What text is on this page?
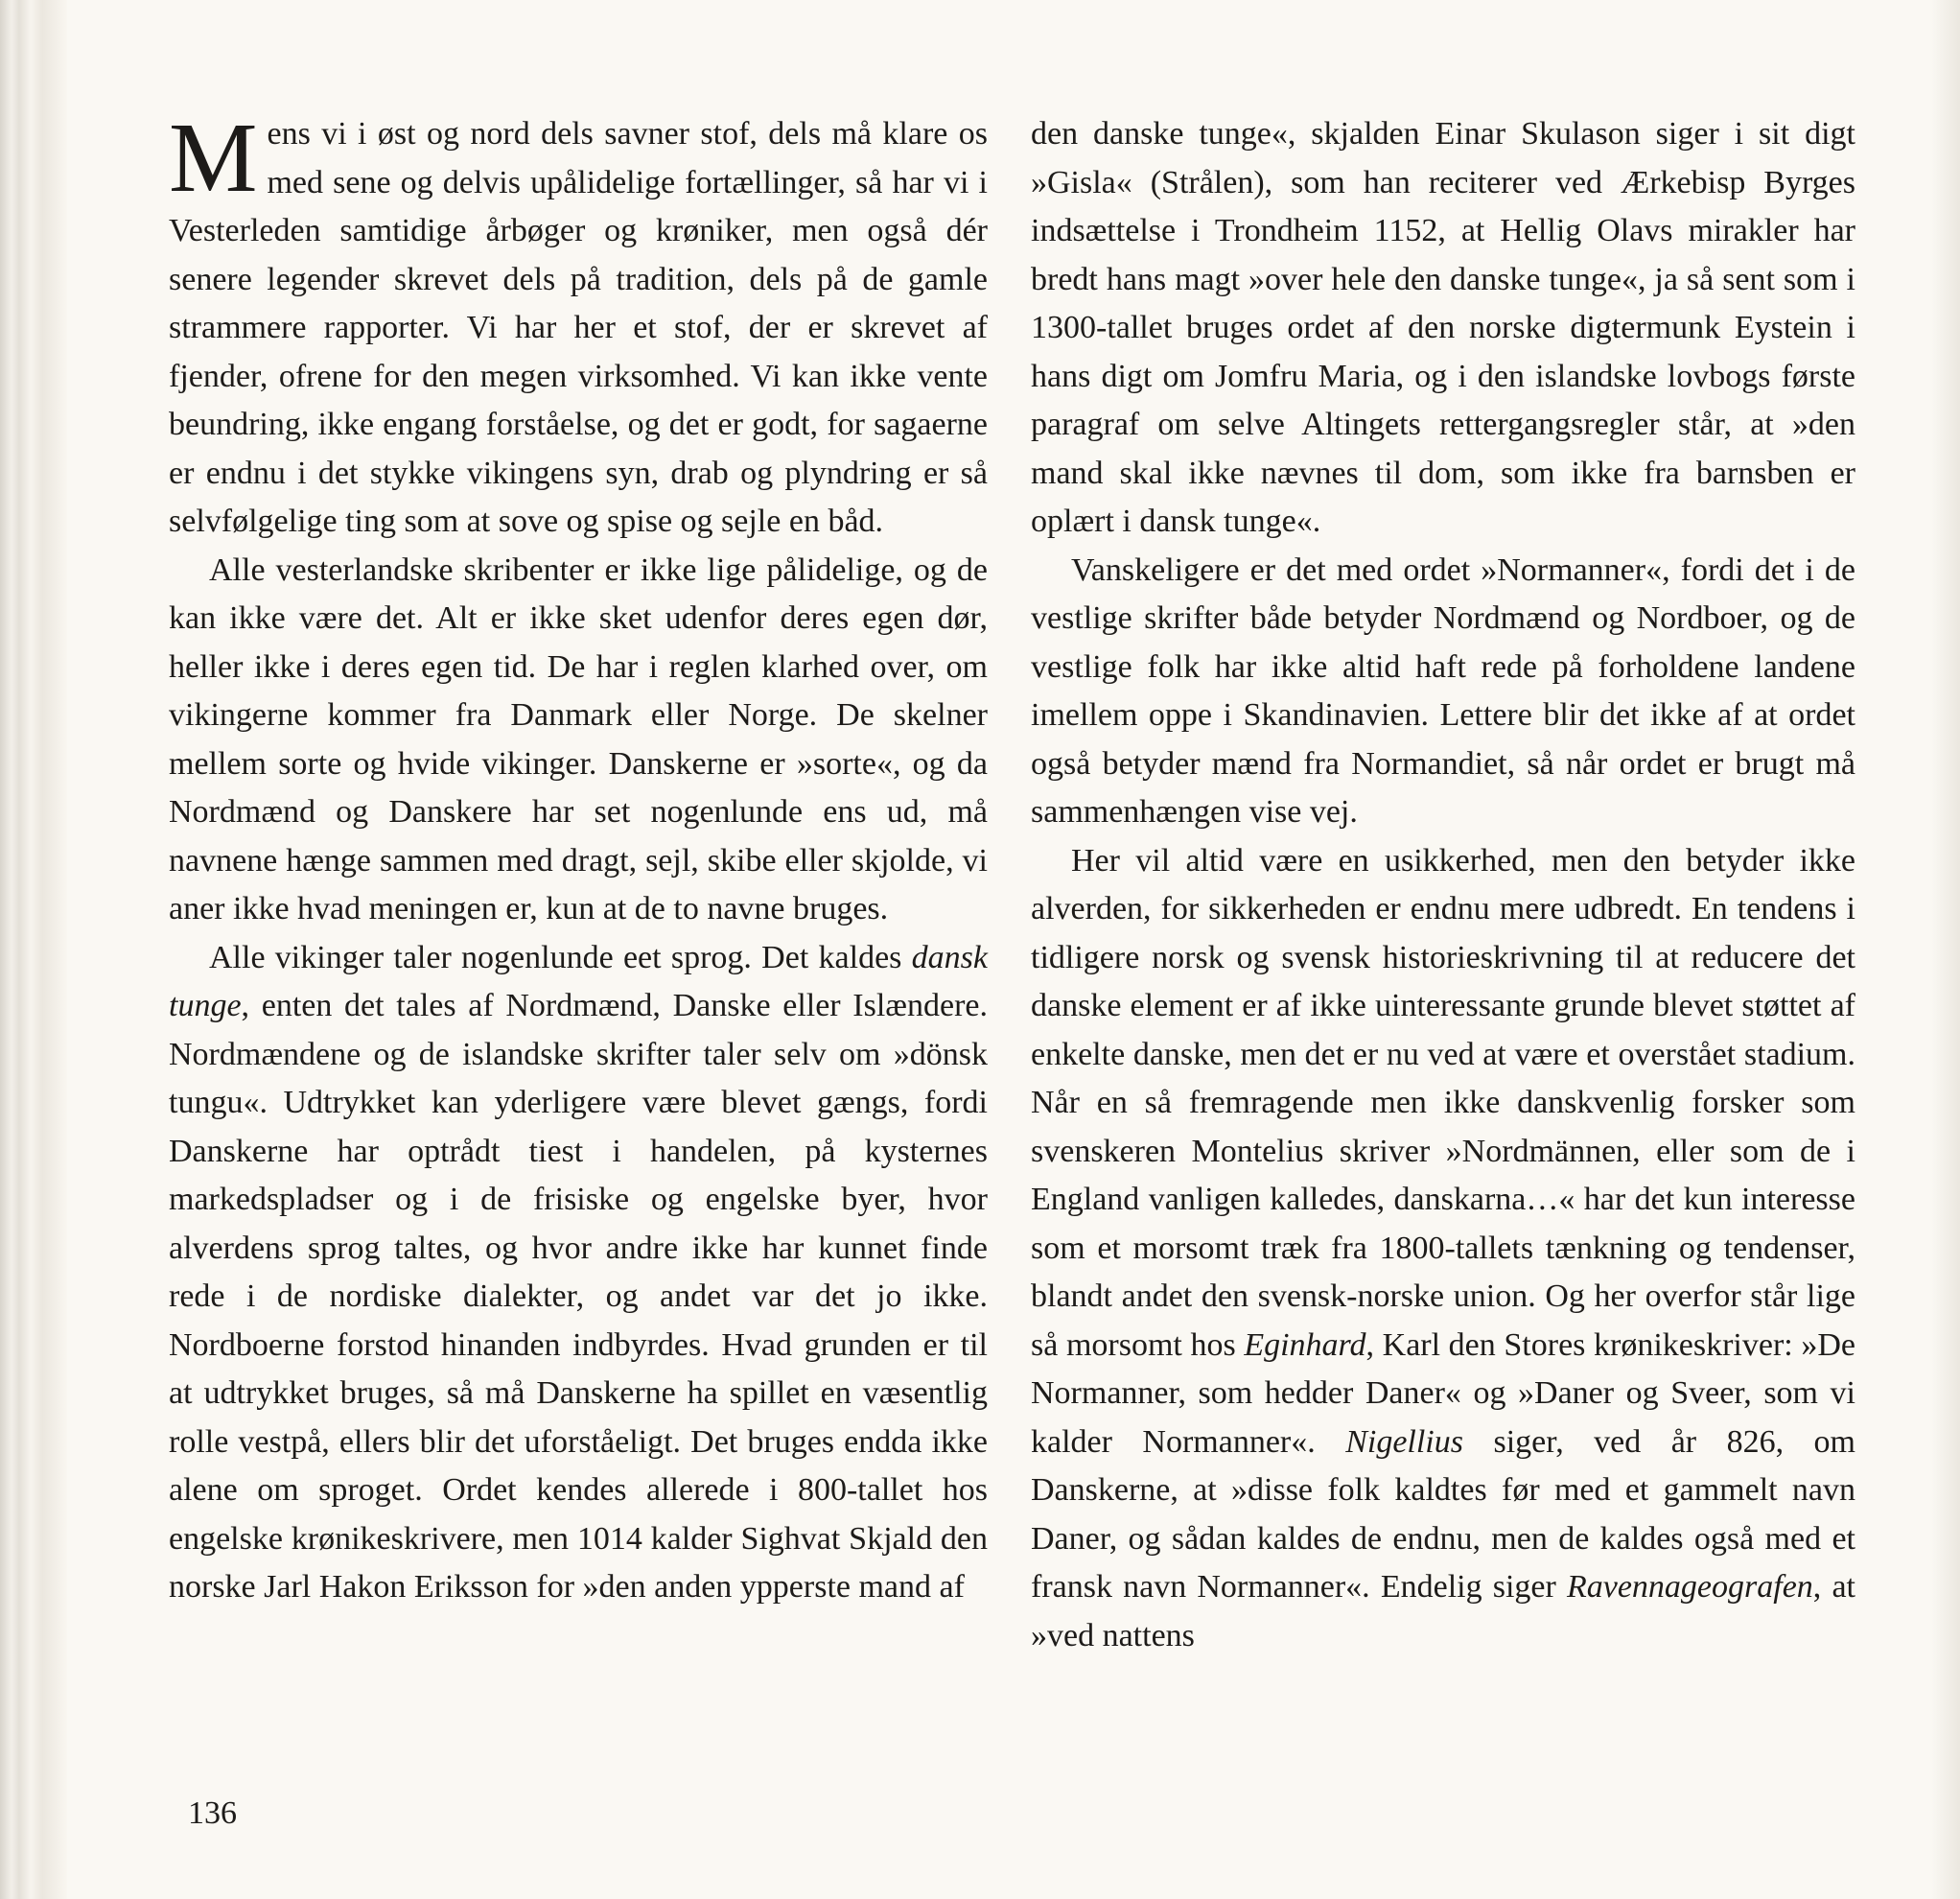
Mens vi i øst og nord dels savner stof, dels må klare os med sene og delvis upålidelige fortællinger, så har vi i Vesterleden samtidige årbøger og krøniker, men også dér senere legender skrevet dels på tradition, dels på de gamle strammere rapporter. Vi har her et stof, der er skrevet af fjender, ofrene for den megen virksomhed. Vi kan ikke vente beundring, ikke engang forståelse, og det er godt, for sagaerne er endnu i det stykke vikingens syn, drab og plyndring er så selvfølgelige ting som at sove og spise og sejle en båd.

Alle vesterlandske skribenter er ikke lige pålidelige, og de kan ikke være det. Alt er ikke sket udenfor deres egen dør, heller ikke i deres egen tid. De har i reglen klarhed over, om vikingerne kommer fra Danmark eller Norge. De skelner mellem sorte og hvide vikinger. Danskerne er »sorte«, og da Nordmænd og Danskere har set nogenlunde ens ud, må navnene hænge sammen med dragt, sejl, skibe eller skjolde, vi aner ikke hvad meningen er, kun at de to navne bruges.

Alle vikinger taler nogenlunde eet sprog. Det kaldes dansk tunge, enten det tales af Nordmænd, Danske eller Islændere. Nordmændene og de islandske skrifter taler selv om »dönsk tungu«. Udtrykket kan yderligere være blevet gængs, fordi Danskerne har optrådt tiest i handelen, på kysternes markedspladser og i de frisiske og engelske byer, hvor alverdens sprog taltes, og hvor andre ikke har kunnet finde rede i de nordiske dialekter, og andet var det jo ikke. Nordboerne forstod hinanden indbyrdes. Hvad grunden er til at udtrykket bruges, så må Danskerne ha spillet en væsentlig rolle vestpå, ellers blir det uforståeligt. Det bruges endda ikke alene om sproget. Ordet kendes allerede i 800-tallet hos engelske krønikeskrivere, men 1014 kalder Sighvat Skjald den norske Jarl Hakon Eriksson for »den anden ypperste mand af

den danske tunge«, skjalden Einar Skulason siger i sit digt »Gisla« (Strålen), som han reciterer ved Ærkebisp Byrges indsættelse i Trondheim 1152, at Hellig Olavs mirakler har bredt hans magt »over hele den danske tunge«, ja så sent som i 1300-tallet bruges ordet af den norske digtermunk Eystein i hans digt om Jomfru Maria, og i den islandske lovbogs første paragraf om selve Altingets rettergangsregler står, at »den mand skal ikke nævnes til dom, som ikke fra barnsben er oplært i dansk tunge«.

Vanskeligere er det med ordet »Normanner«, fordi det i de vestlige skrifter både betyder Nordmænd og Nordboer, og de vestlige folk har ikke altid haft rede på forholdene landene imellem oppe i Skandinavien. Lettere blir det ikke af at ordet også betyder mænd fra Normandiet, så når ordet er brugt må sammenhængen vise vej.

Her vil altid være en usikkerhed, men den betyder ikke alverden, for sikkerheden er endnu mere udbredt. En tendens i tidligere norsk og svensk historieskrivning til at reducere det danske element er af ikke uinteressante grunde blevet støttet af enkelte danske, men det er nu ved at være et overstået stadium. Når en så fremragende men ikke danskvenlig forsker som svenskeren Montelius skriver »Nordmännen, eller som de i England vanligen kalledes, danskarna…« har det kun interesse som et morsomt træk fra 1800-tallets tænkning og tendenser, blandt andet den svensk-norske union. Og her overfor står lige så morsomt hos Eginhard, Karl den Stores krønikeskriver: »De Normanner, som hedder Daner« og »Daner og Sveer, som vi kalder Normanner«. Nigellius siger, ved år 826, om Danskerne, at »disse folk kaldtes før med et gammelt navn Daner, og sådan kaldes de endnu, men de kaldes også med et fransk navn Normanner«. Endelig siger Ravennageografen, at »ved nattens

136
